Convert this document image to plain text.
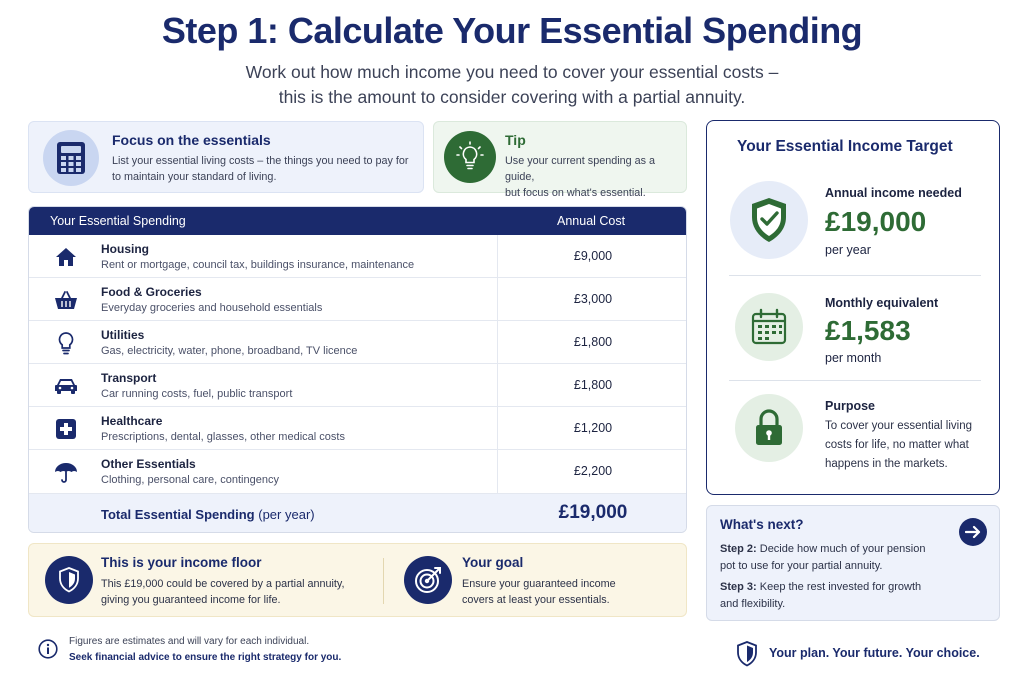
Step 1: Calculate Your Essential Spending
Work out how much income you need to cover your essential costs –
this is the amount to consider covering with a partial annuity.
Focus on the essentials
List your essential living costs – the things you need to pay for
to maintain your standard of living.
Tip
Use your current spending as a guide,
but focus on what's essential.
Your Essential Spending	Annual Cost
Housing
Rent or mortgage, council tax, buildings insurance, maintenance
£9,000
Food & Groceries
Everyday groceries and household essentials
£3,000
Utilities
Gas, electricity, water, phone, broadband, TV licence
£1,800
Transport
Car running costs, fuel, public transport
£1,800
Healthcare
Prescriptions, dental, glasses, other medical costs
£1,200
Other Essentials
Clothing, personal care, contingency
£2,200
Total Essential Spending (per year)	£19,000
This is your income floor
This £19,000 could be covered by a partial annuity,
giving you guaranteed income for life.
Your goal
Ensure your guaranteed income
covers at least your essentials.
Figures are estimates and will vary for each individual.
Seek financial advice to ensure the right strategy for you.
Your Essential Income Target
Annual income needed
£19,000
per year
Monthly equivalent
£1,583
per month
Purpose
To cover your essential living
costs for life, no matter what
happens in the markets.
What's next?
Step 2: Decide how much of your pension
pot to use for your partial annuity.
Step 3: Keep the rest invested for growth
and flexibility.
Your plan. Your future. Your choice.
